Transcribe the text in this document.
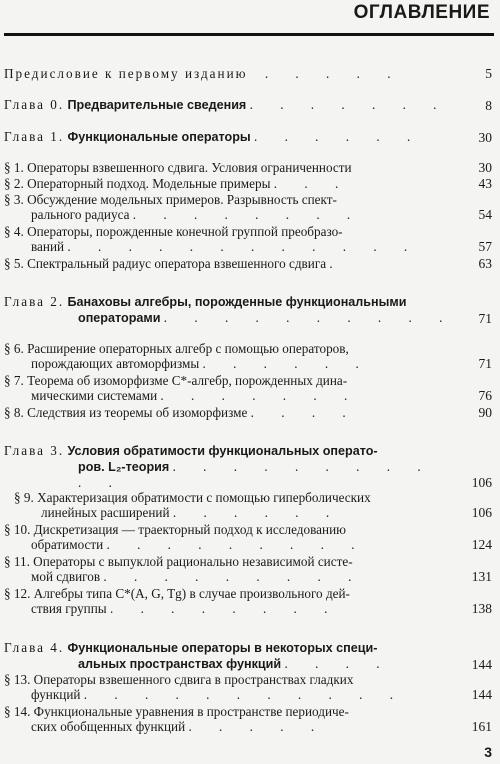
ОГЛАВЛЕНИЕ
Предисловие к первому изданию . . . . .	5
Глава 0. Предварительные сведения . . . . . . .	8
Глава 1. Функциональные операторы . . . . . .	30
§ 1. Операторы взвешенного сдвига. Условия ограниченности	30
§ 2. Операторный подход. Модельные примеры . . .	43
§ 3. Обсуждение модельных примеров. Разрывность спект-
рального радиуса . . . . . . . .	54
§ 4. Операторы, порожденные конечной группой преобразо-
ваний . . . . . . . . . . . .	57
§ 5. Спектральный радиус оператора взвешенного сдвига .	63
Глава 2. Банаховы алгебры, порожденные функциональными
операторами . . . . . . . . . .	71
§ 6. Расширение операторных алгебр с помощью операторов,
порождающих автоморфизмы . . . . . .	71
§ 7. Теорема об изоморфизме C*-алгебр, порожденных дина-
мическими системами . . . . . . .	76
§ 8. Следствия из теоремы об изоморфизме . . . .	90
Глава 3. Условия обратимости функциональных операто-
ров. L₂-теория . . . . . . . . . . .	106
§ 9. Характеризация обратимости с помощью гиперболических
линейных расширений . . . . . .	106
§ 10. Дискретизация — траекторный подход к исследованию
обратимости . . . . . . . . .	124
§ 11. Операторы с выпуклой рационально независимой систе-
мой сдвигов . . . . . . . . .	131
§ 12. Алгебры типа C*(A, G, Tg) в случае произвольного дей-
ствия группы . . . . . . . .	138
Глава 4. Функциональные операторы в некоторых специ-
альных пространствах функций . . . .	144
§ 13. Операторы взвешенного сдвига в пространствах гладких
функций . . . . . . . . . . .	144
§ 14. Функциональные уравнения в пространстве периодиче-
ских обобщенных функций . . . . .	161
3
